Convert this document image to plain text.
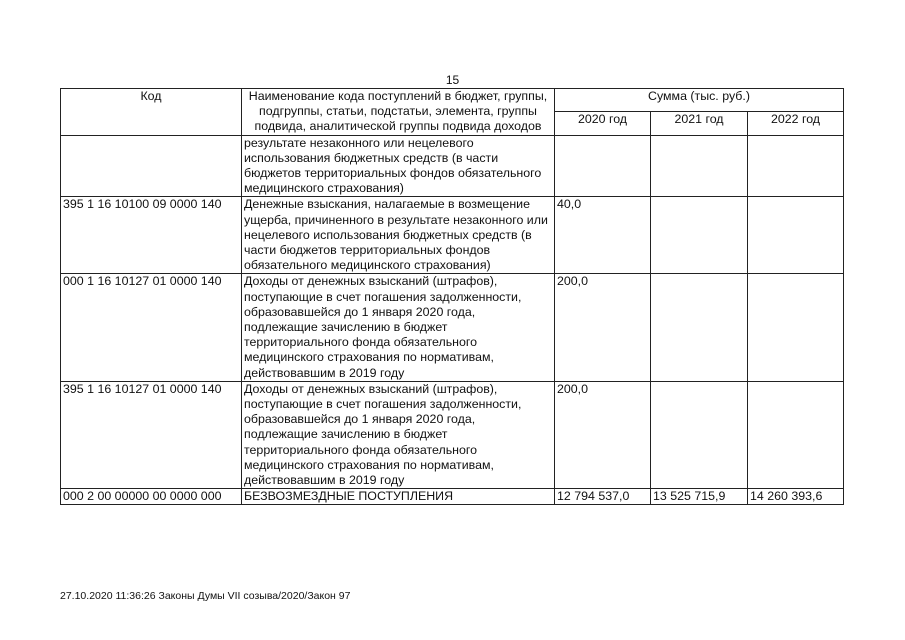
15
Код	Наименование кода поступлений в бюджет, группы, подгруппы, статьи, подстатьи, элемента, группы подвида, аналитической группы подвида доходов	Сумма (тыс. руб.)		
		2020 год	2021 год	2022 год
	результате незаконного или нецелевого использования бюджетных средств (в части бюджетов территориальных фондов обязательного медицинского страхования)			
395 1 16 10100 09 0000 140	Денежные взыскания, налагаемые в возмещение ущерба, причиненного в результате незаконного или нецелевого использования бюджетных средств (в части бюджетов территориальных фондов обязательного медицинского страхования)	40,0		
000 1 16 10127 01 0000 140	Доходы от денежных взысканий (штрафов), поступающие в счет погашения задолженности, образовавшейся до 1 января 2020 года, подлежащие зачислению в бюджет территориального фонда обязательного медицинского страхования по нормативам, действовавшим в 2019 году	200,0		
395 1 16 10127 01 0000 140	Доходы от денежных взысканий (штрафов), поступающие в счет погашения задолженности, образовавшейся до 1 января 2020 года, подлежащие зачислению в бюджет территориального фонда обязательного медицинского страхования по нормативам, действовавшим в 2019 году	200,0		
000 2 00 00000 00 0000 000	БЕЗВОЗМЕЗДНЫЕ ПОСТУПЛЕНИЯ	12 794 537,0	13 525 715,9	14 260 393,6
27.10.2020 11:36:26 Законы Думы VII созыва/2020/Закон 97
